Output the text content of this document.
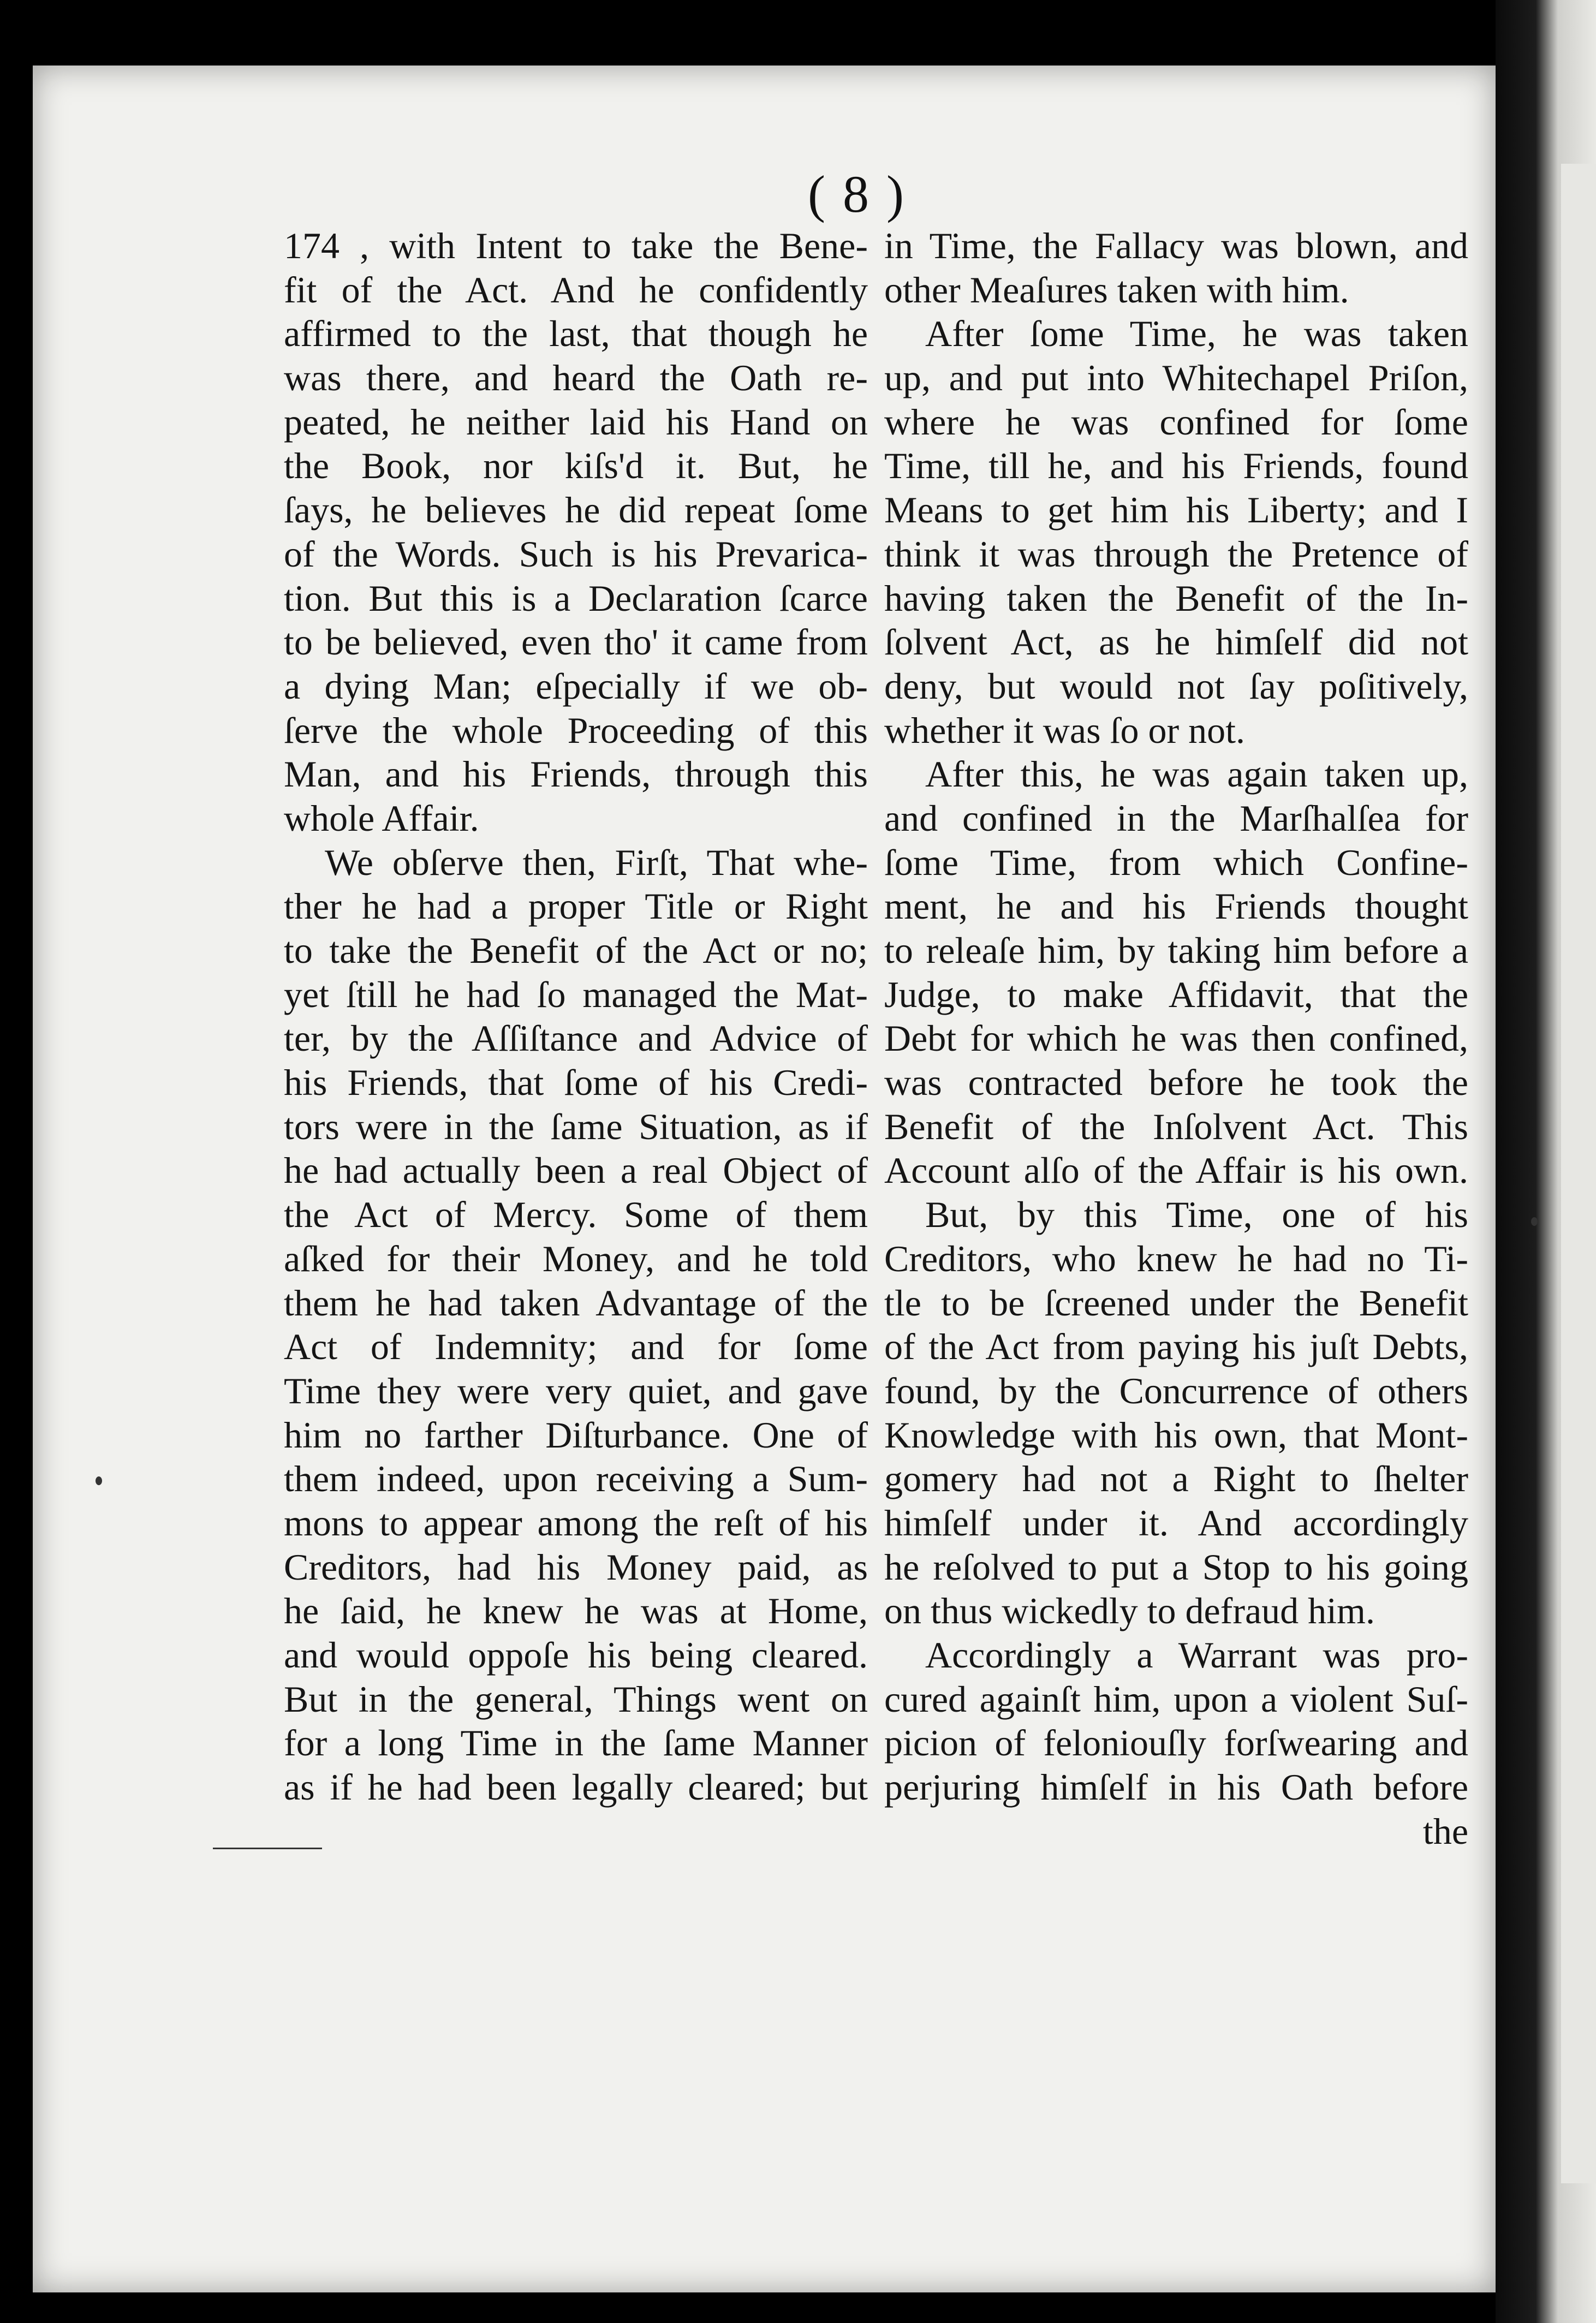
( 8 )
174 , with Intent to take the Bene-
fit of the Act. And he confidently
affirmed to the last, that though he
was there, and heard the Oath re-
peated, he neither laid his Hand on
the Book, nor kiſs'd it. But, he
ſays, he believes he did repeat ſome
of the Words. Such is his Prevarica-
tion. But this is a Declaration ſcarce
to be believed, even tho' it came from
a dying Man; eſpecially if we ob-
ſerve the whole Proceeding of this
Man, and his Friends, through this
whole Affair.
We obſerve then, Firſt, That whe-
ther he had a proper Title or Right
to take the Benefit of the Act or no;
yet ſtill he had ſo managed the Mat-
ter, by the Aſſiſtance and Advice of
his Friends, that ſome of his Credi-
tors were in the ſame Situation, as if
he had actually been a real Object of
the Act of Mercy. Some of them
aſked for their Money, and he told
them he had taken Advantage of the
Act of Indemnity; and for ſome
Time they were very quiet, and gave
him no farther Diſturbance. One of
them indeed, upon receiving a Sum-
mons to appear among the reſt of his
Creditors, had his Money paid, as
he ſaid, he knew he was at Home,
and would oppoſe his being cleared.
But in the general, Things went on
for a long Time in the ſame Manner
as if he had been legally cleared; but
in Time, the Fallacy was blown, and
other Meaſures taken with him.
After ſome Time, he was taken
up, and put into Whitechapel Priſon,
where he was confined for ſome
Time, till he, and his Friends, found
Means to get him his Liberty; and I
think it was through the Pretence of
having taken the Benefit of the In-
ſolvent Act, as he himſelf did not
deny, but would not ſay poſitively,
whether it was ſo or not.
After this, he was again taken up,
and confined in the Marſhalſea for
ſome Time, from which Confine-
ment, he and his Friends thought
to releaſe him, by taking him before a
Judge, to make Affidavit, that the
Debt for which he was then confined,
was contracted before he took the
Benefit of the Inſolvent Act. This
Account alſo of the Affair is his own.
But, by this Time, one of his
Creditors, who knew he had no Ti-
tle to be ſcreened under the Benefit
of the Act from paying his juſt Debts,
found, by the Concurrence of others
Knowledge with his own, that Mont-
gomery had not a Right to ſhelter
himſelf under it. And accordingly
he reſolved to put a Stop to his going
on thus wickedly to defraud him.
Accordingly a Warrant was pro-
cured againſt him, upon a violent Suſ-
picion of feloniouſly forſwearing and
perjuring himſelf in his Oath before
the
